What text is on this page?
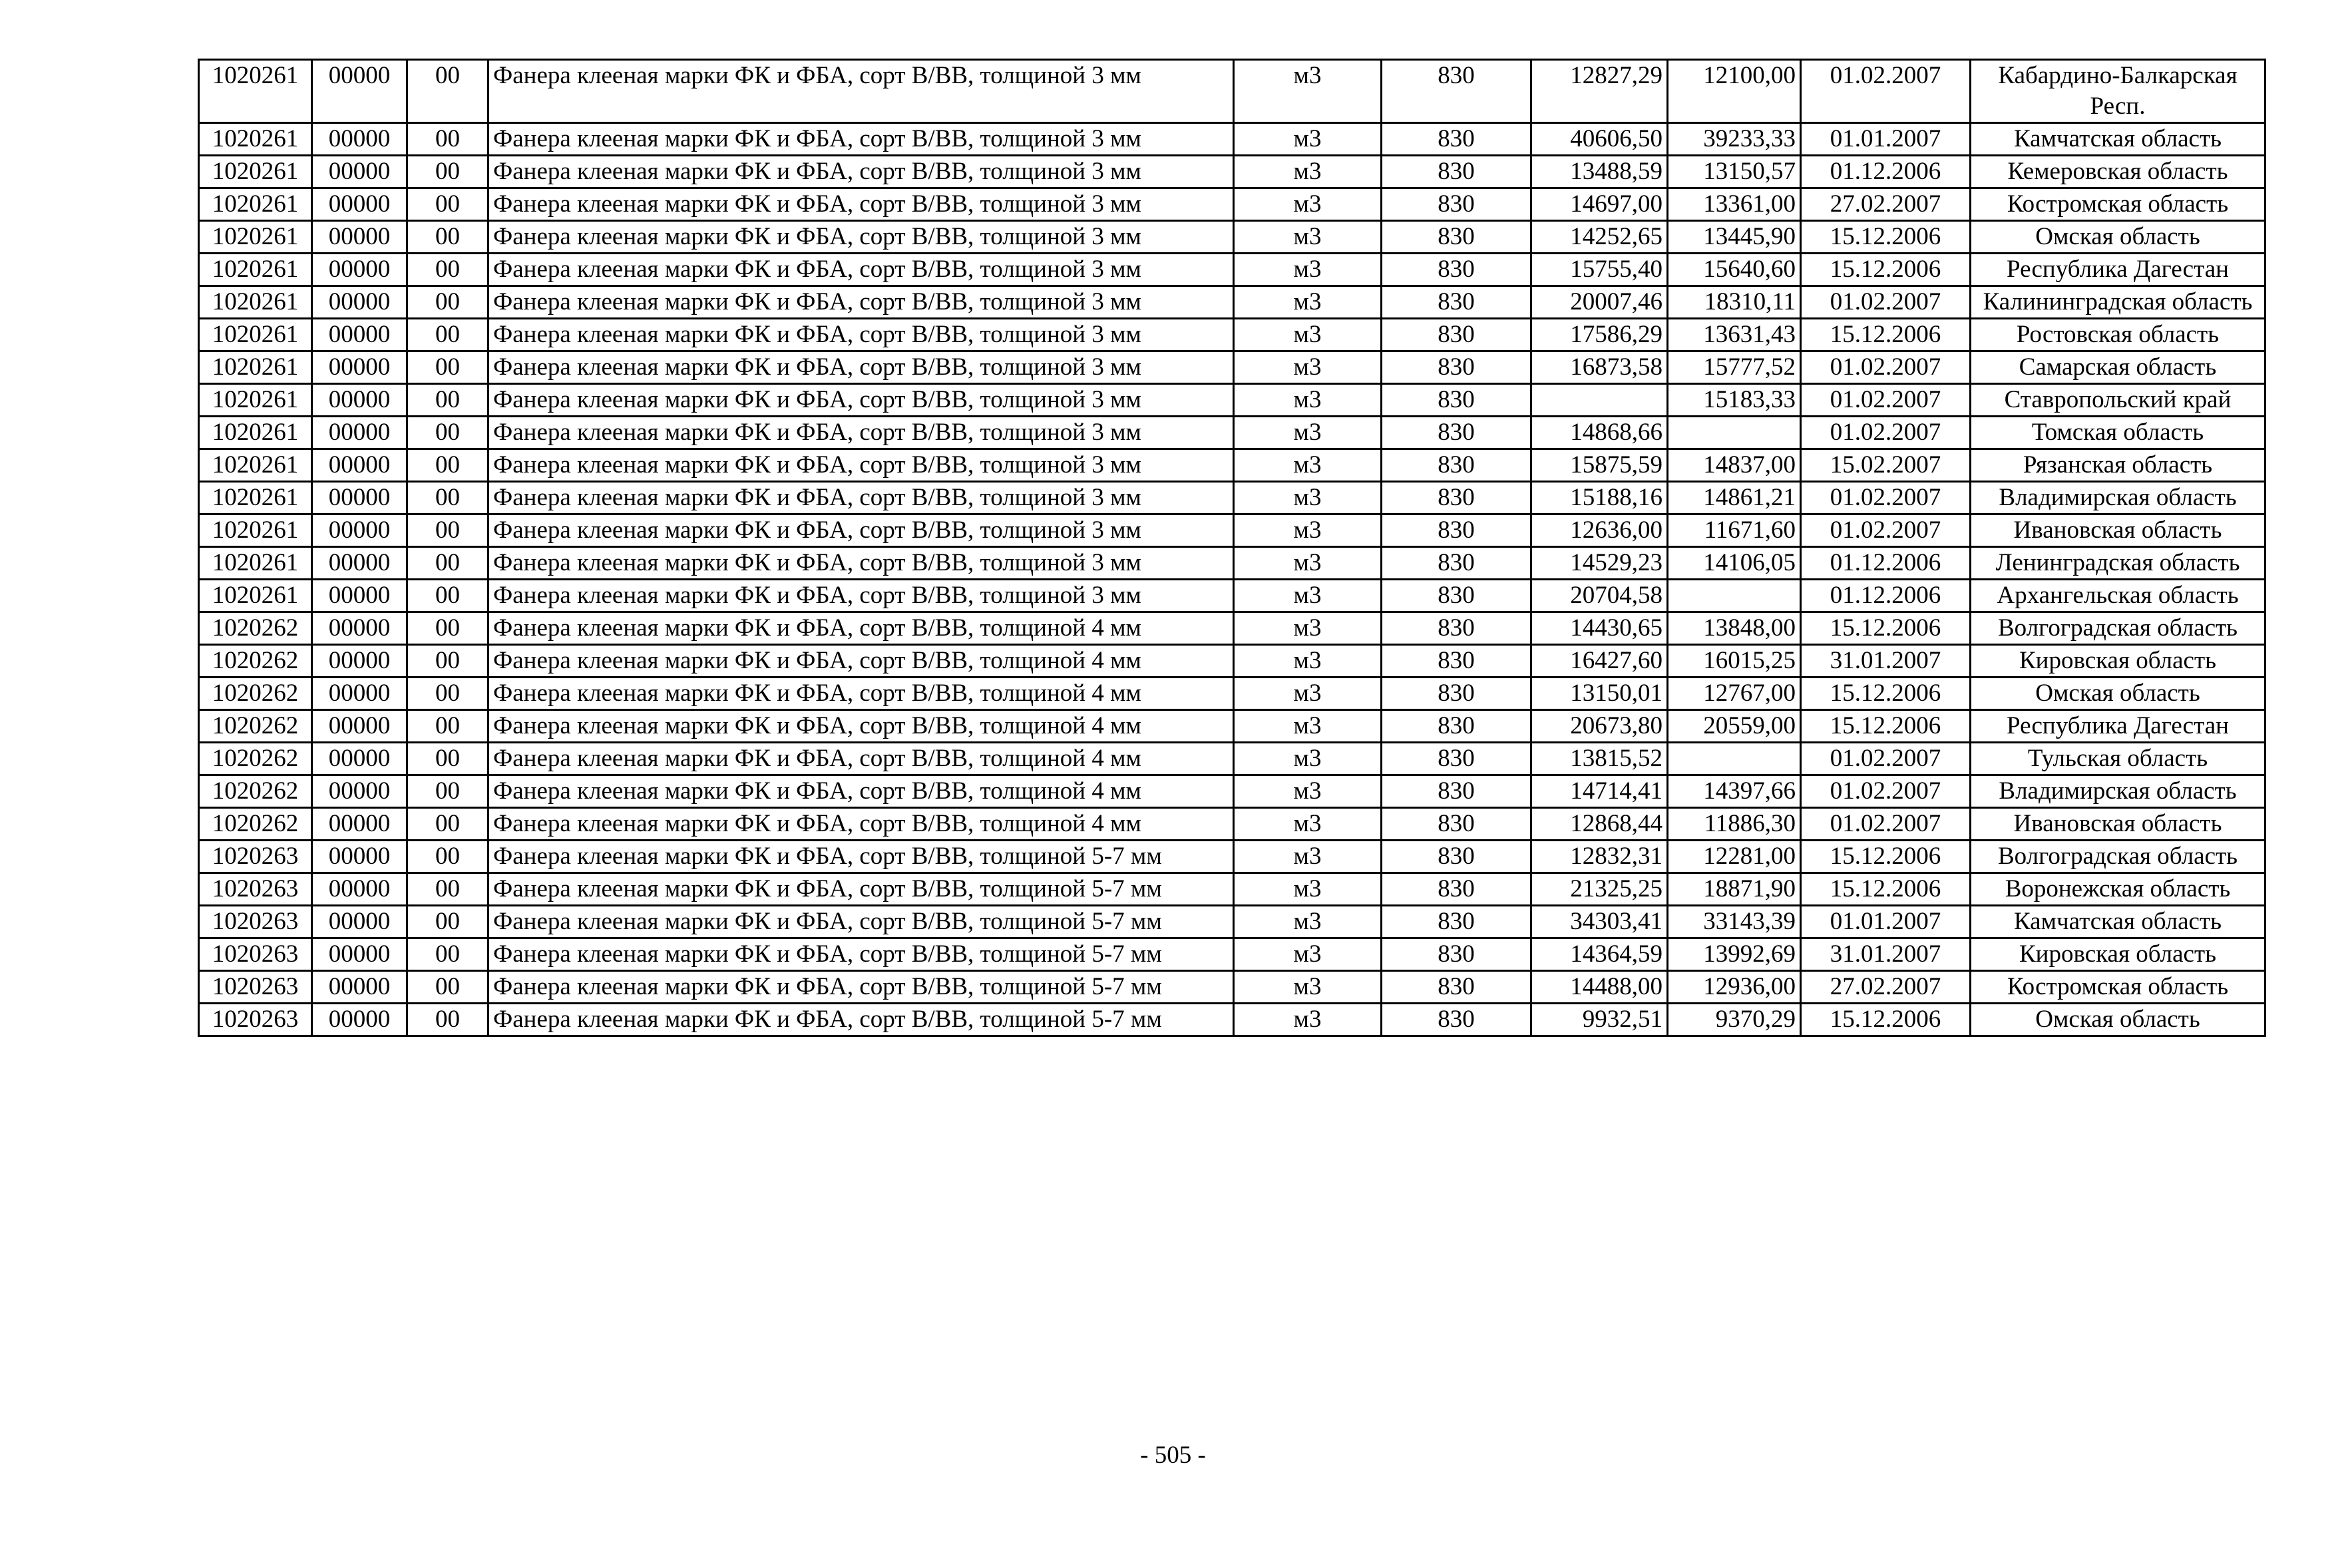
1020261	00000	00	Фанера клееная марки ФК и ФБА, сорт В/ВВ, толщиной 3 мм	м3	830	12827,29	12100,00	01.02.2007	Кабардино-Балкарская Респ.
1020261	00000	00	Фанера клееная марки ФК и ФБА, сорт В/ВВ, толщиной 3 мм	м3	830	40606,50	39233,33	01.01.2007	Камчатская область
1020261	00000	00	Фанера клееная марки ФК и ФБА, сорт В/ВВ, толщиной 3 мм	м3	830	13488,59	13150,57	01.12.2006	Кемеровская область
1020261	00000	00	Фанера клееная марки ФК и ФБА, сорт В/ВВ, толщиной 3 мм	м3	830	14697,00	13361,00	27.02.2007	Костромская область
1020261	00000	00	Фанера клееная марки ФК и ФБА, сорт В/ВВ, толщиной 3 мм	м3	830	14252,65	13445,90	15.12.2006	Омская область
1020261	00000	00	Фанера клееная марки ФК и ФБА, сорт В/ВВ, толщиной 3 мм	м3	830	15755,40	15640,60	15.12.2006	Республика Дагестан
1020261	00000	00	Фанера клееная марки ФК и ФБА, сорт В/ВВ, толщиной 3 мм	м3	830	20007,46	18310,11	01.02.2007	Калининградская область
1020261	00000	00	Фанера клееная марки ФК и ФБА, сорт В/ВВ, толщиной 3 мм	м3	830	17586,29	13631,43	15.12.2006	Ростовская область
1020261	00000	00	Фанера клееная марки ФК и ФБА, сорт В/ВВ, толщиной 3 мм	м3	830	16873,58	15777,52	01.02.2007	Самарская область
1020261	00000	00	Фанера клееная марки ФК и ФБА, сорт В/ВВ, толщиной 3 мм	м3	830		15183,33	01.02.2007	Ставропольский край
1020261	00000	00	Фанера клееная марки ФК и ФБА, сорт В/ВВ, толщиной 3 мм	м3	830	14868,66		01.02.2007	Томская область
1020261	00000	00	Фанера клееная марки ФК и ФБА, сорт В/ВВ, толщиной 3 мм	м3	830	15875,59	14837,00	15.02.2007	Рязанская область
1020261	00000	00	Фанера клееная марки ФК и ФБА, сорт В/ВВ, толщиной 3 мм	м3	830	15188,16	14861,21	01.02.2007	Владимирская область
1020261	00000	00	Фанера клееная марки ФК и ФБА, сорт В/ВВ, толщиной 3 мм	м3	830	12636,00	11671,60	01.02.2007	Ивановская область
1020261	00000	00	Фанера клееная марки ФК и ФБА, сорт В/ВВ, толщиной 3 мм	м3	830	14529,23	14106,05	01.12.2006	Ленинградская область
1020261	00000	00	Фанера клееная марки ФК и ФБА, сорт В/ВВ, толщиной 3 мм	м3	830	20704,58		01.12.2006	Архангельская область
1020262	00000	00	Фанера клееная марки ФК и ФБА, сорт В/ВВ, толщиной 4 мм	м3	830	14430,65	13848,00	15.12.2006	Волгоградская область
1020262	00000	00	Фанера клееная марки ФК и ФБА, сорт В/ВВ, толщиной 4 мм	м3	830	16427,60	16015,25	31.01.2007	Кировская область
1020262	00000	00	Фанера клееная марки ФК и ФБА, сорт В/ВВ, толщиной 4 мм	м3	830	13150,01	12767,00	15.12.2006	Омская область
1020262	00000	00	Фанера клееная марки ФК и ФБА, сорт В/ВВ, толщиной 4 мм	м3	830	20673,80	20559,00	15.12.2006	Республика Дагестан
1020262	00000	00	Фанера клееная марки ФК и ФБА, сорт В/ВВ, толщиной 4 мм	м3	830	13815,52		01.02.2007	Тульская область
1020262	00000	00	Фанера клееная марки ФК и ФБА, сорт В/ВВ, толщиной 4 мм	м3	830	14714,41	14397,66	01.02.2007	Владимирская область
1020262	00000	00	Фанера клееная марки ФК и ФБА, сорт В/ВВ, толщиной 4 мм	м3	830	12868,44	11886,30	01.02.2007	Ивановская область
1020263	00000	00	Фанера клееная марки ФК и ФБА, сорт В/ВВ, толщиной 5-7 мм	м3	830	12832,31	12281,00	15.12.2006	Волгоградская область
1020263	00000	00	Фанера клееная марки ФК и ФБА, сорт В/ВВ, толщиной 5-7 мм	м3	830	21325,25	18871,90	15.12.2006	Воронежская область
1020263	00000	00	Фанера клееная марки ФК и ФБА, сорт В/ВВ, толщиной 5-7 мм	м3	830	34303,41	33143,39	01.01.2007	Камчатская область
1020263	00000	00	Фанера клееная марки ФК и ФБА, сорт В/ВВ, толщиной 5-7 мм	м3	830	14364,59	13992,69	31.01.2007	Кировская область
1020263	00000	00	Фанера клееная марки ФК и ФБА, сорт В/ВВ, толщиной 5-7 мм	м3	830	14488,00	12936,00	27.02.2007	Костромская область
1020263	00000	00	Фанера клееная марки ФК и ФБА, сорт В/ВВ, толщиной 5-7 мм	м3	830	9932,51	9370,29	15.12.2006	Омская область
- 505 -
